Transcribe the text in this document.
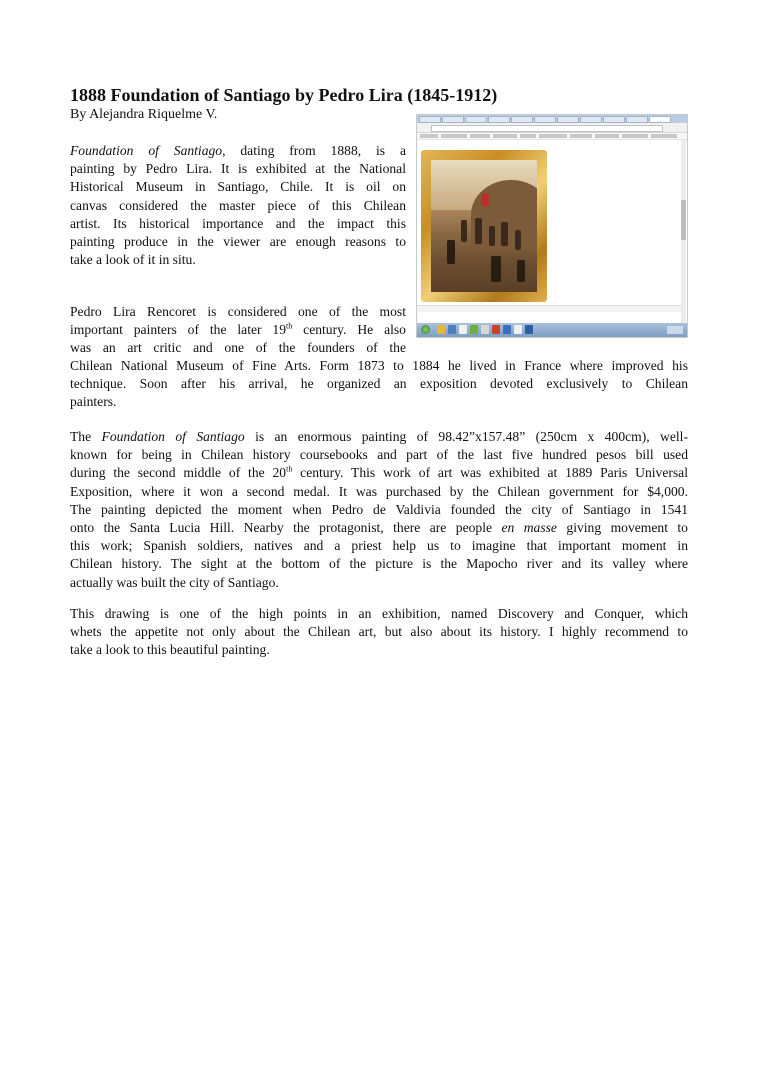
1888 Foundation of Santiago by Pedro Lira (1845-1912)
By Alejandra Riquelme V.
Foundation of Santiago, dating from 1888, is a
painting by Pedro Lira. It is exhibited at the National
Historical Museum in Santiago, Chile. It is oil on
canvas considered the master piece of this Chilean
artist. Its historical importance and the impact this
painting produce in the viewer are enough reasons to
take a look of it in situ.
Pedro Lira Rencoret is considered one of the most
important painters of the later 19th century. He also
was an art critic and one of the founders of the
Chilean National Museum of Fine Arts. Form 1873 to 1884 he lived in France where improved his
technique. Soon after his arrival, he organized an exposition devoted exclusively to Chilean
painters.
The Foundation of Santiago is an enormous painting of 98.42”x157.48” (250cm x 400cm), well-
known for being in Chilean history coursebooks and part of the last five hundred pesos bill used
during the second middle of the 20th century. This work of art was exhibited at 1889 Paris Universal
Exposition, where it won a second medal. It was purchased by the Chilean government for $4,000.
The painting depicted the moment when Pedro de Valdivia founded the city of Santiago in 1541
onto the Santa Lucia Hill. Nearby the protagonist, there are people en masse giving movement to
this work; Spanish soldiers, natives and a priest help us to imagine that important moment in
Chilean history. The sight at the bottom of the picture is the Mapocho river and its valley where
actually was built the city of Santiago.
This drawing is one of the high points in an exhibition, named Discovery and Conquer, which
whets the appetite not only about the Chilean art, but also about its history. I highly recommend to
take a look to this beautiful painting.
